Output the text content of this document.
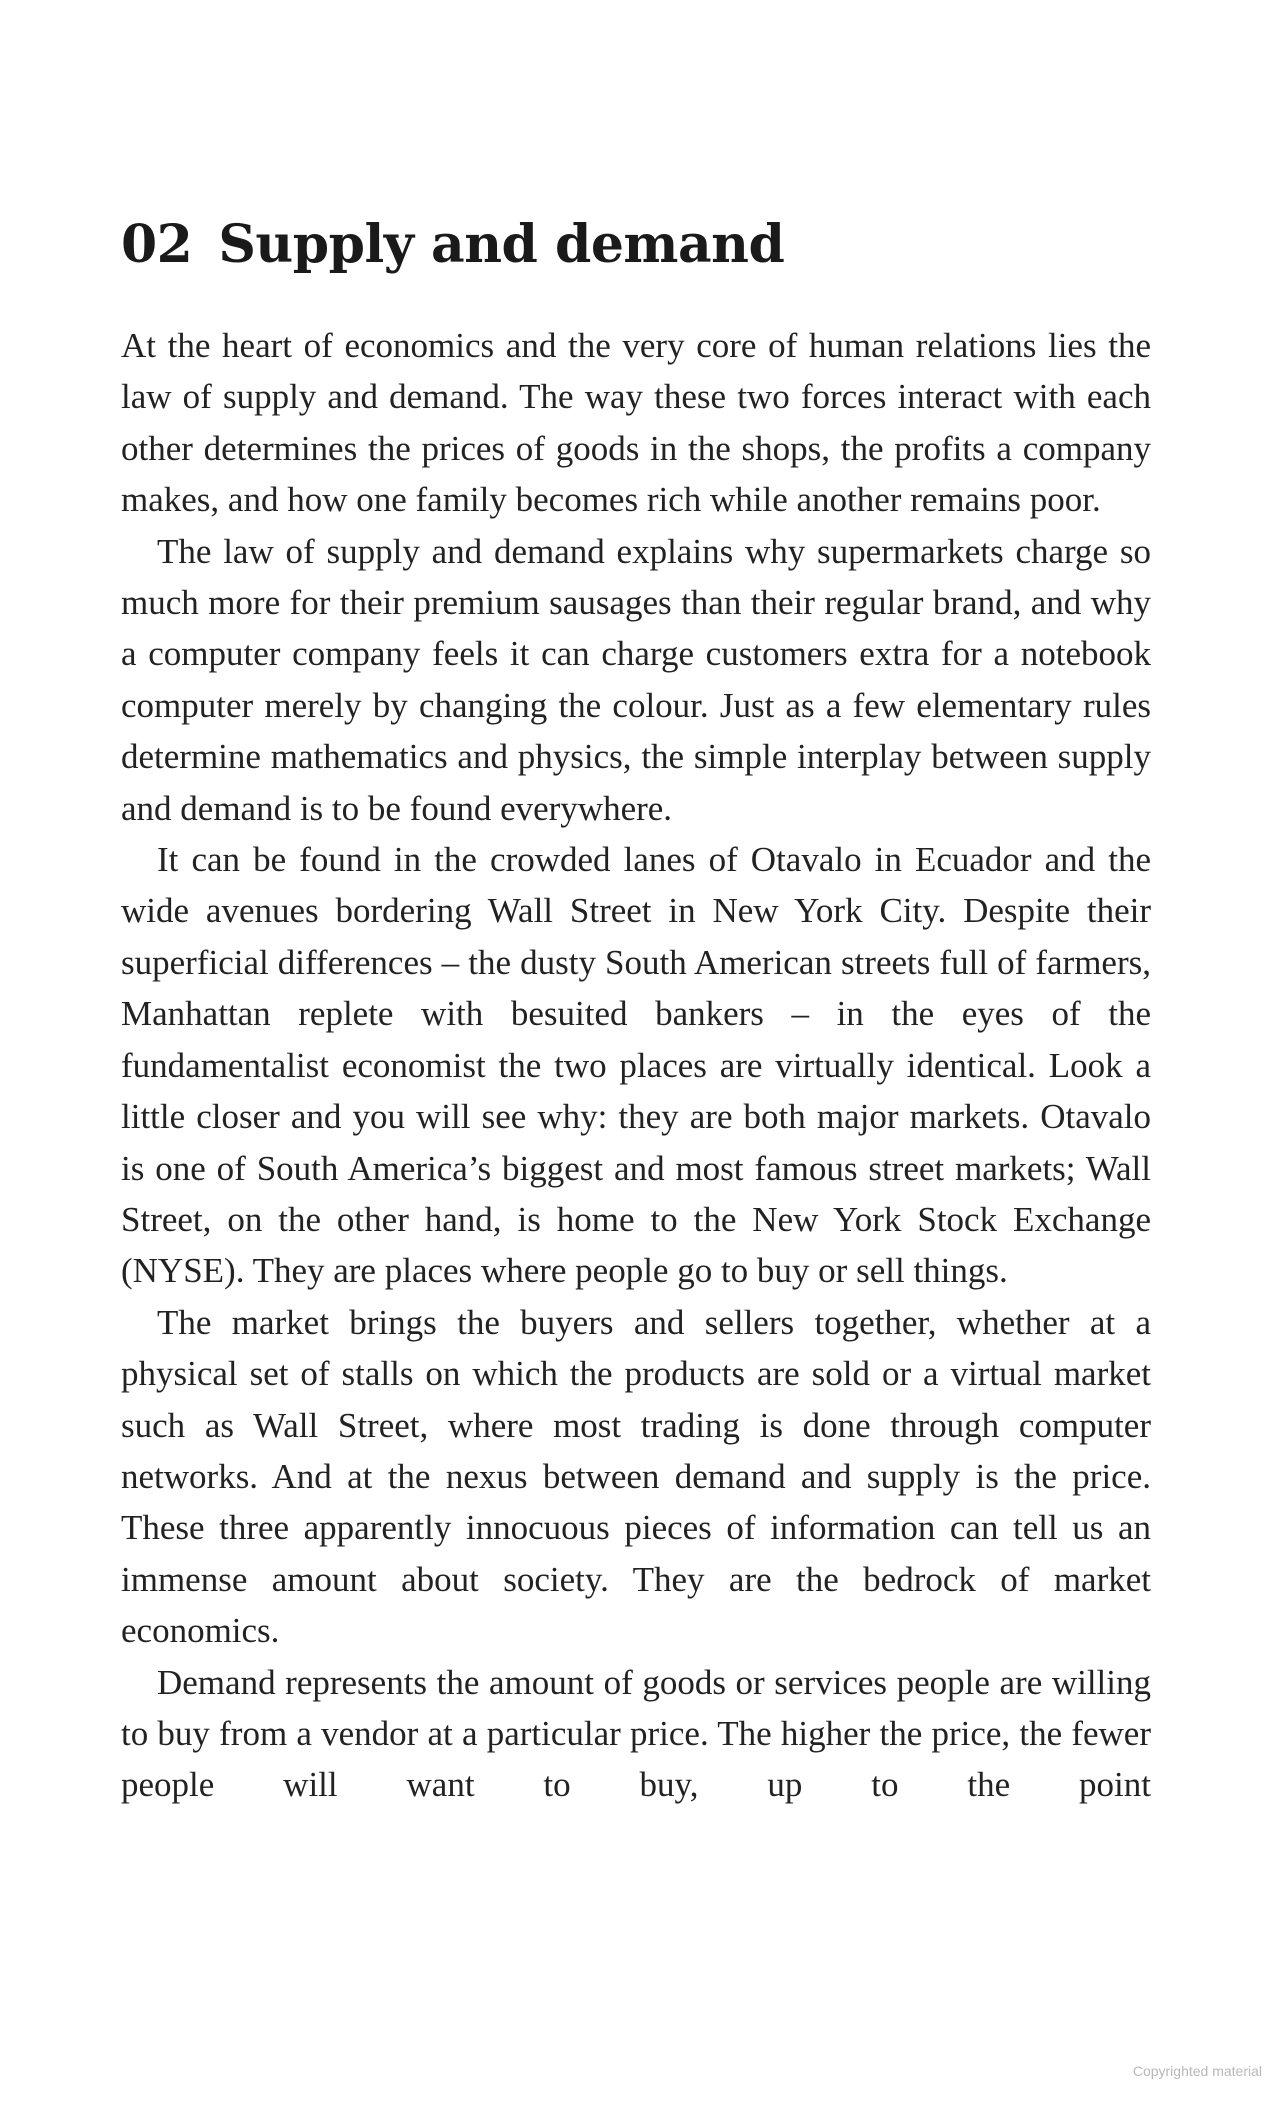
02 Supply and demand

At the heart of economics and the very core of human relations lies the law of supply and demand. The way these two forces interact with each other determines the prices of goods in the shops, the profits a company makes, and how one family becomes rich while another remains poor.

The law of supply and demand explains why supermarkets charge so much more for their premium sausages than their regular brand, and why a computer company feels it can charge customers extra for a notebook computer merely by changing the colour. Just as a few elementary rules determine mathematics and physics, the simple interplay between supply and demand is to be found everywhere.

It can be found in the crowded lanes of Otavalo in Ecuador and the wide avenues bordering Wall Street in New York City. Despite their superficial differences – the dusty South American streets full of farmers, Manhattan replete with besuited bankers – in the eyes of the fundamentalist economist the two places are virtually identical. Look a little closer and you will see why: they are both major markets. Otavalo is one of South America’s biggest and most famous street markets; Wall Street, on the other hand, is home to the New York Stock Exchange (NYSE). They are places where people go to buy or sell things.

The market brings the buyers and sellers together, whether at a physical set of stalls on which the products are sold or a virtual market such as Wall Street, where most trading is done through computer networks. And at the nexus between demand and supply is the price. These three apparently innocuous pieces of information can tell us an immense amount about society. They are the bedrock of market economics.

Demand represents the amount of goods or services people are willing to buy from a vendor at a particular price. The higher the price, the fewer people will want to buy, up to the point

Copyrighted material
